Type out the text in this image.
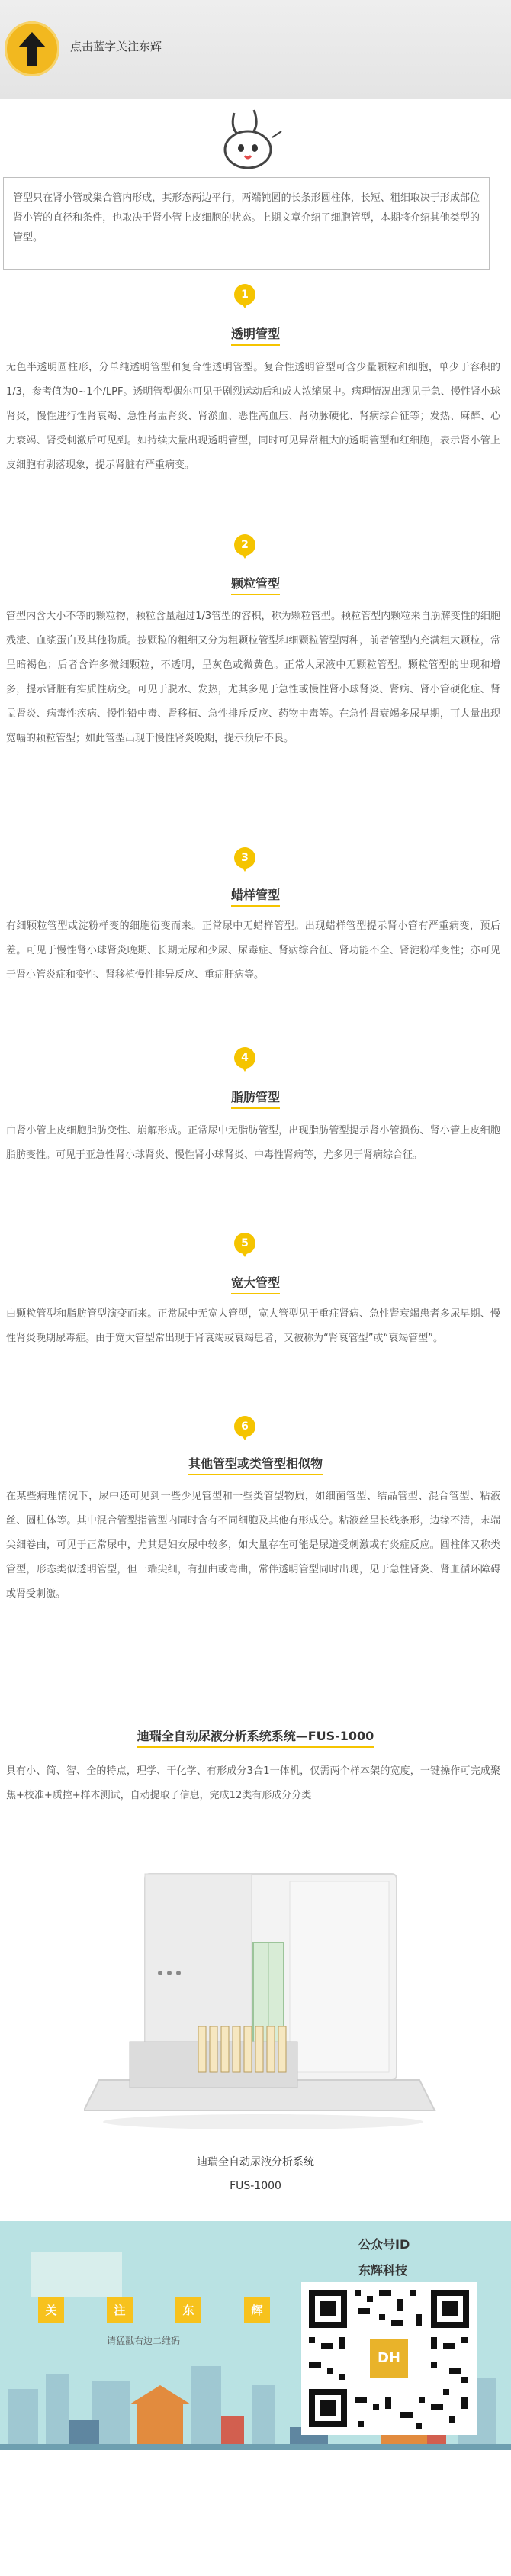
点击蓝字关注东辉

管型只在肾小管或集合管内形成，其形态两边平行，两端钝圆的长条形圆柱体，长短、粗细取决于形成部位肾小管的直径和条件，也取决于肾小管上皮细胞的状态。上期文章介绍了细胞管型，本期将介绍其他类型的管型。

1
透明管型

无色半透明圆柱形，分单纯透明管型和复合性透明管型。复合性透明管型可含少量颗粒和细胞，单少于容积的1/3，参考值为0~1个/LPF。透明管型偶尔可见于剧烈运动后和成人浓缩尿中。病理情况出现见于急、慢性肾小球肾炎，慢性进行性肾衰竭、急性肾盂肾炎、肾淤血、恶性高血压、肾动脉硬化、肾病综合征等；发热、麻醉、心力衰竭、肾受刺激后可见到。如持续大量出现透明管型，同时可见异常粗大的透明管型和红细胞，表示肾小管上皮细胞有剥落现象，提示肾脏有严重病变。

2
颗粒管型

管型内含大小不等的颗粒物，颗粒含量超过1/3管型的容积，称为颗粒管型。颗粒管型内颗粒来自崩解变性的细胞残渣、血浆蛋白及其他物质。按颗粒的粗细又分为粗颗粒管型和细颗粒管型两种，前者管型内充满粗大颗粒，常呈暗褐色；后者含许多微细颗粒，不透明，呈灰色或微黄色。正常人尿液中无颗粒管型。颗粒管型的出现和增多，提示肾脏有实质性病变。可见于脱水、发热，尤其多见于急性或慢性肾小球肾炎、肾病、肾小管硬化症、肾盂肾炎、病毒性疾病、慢性铅中毒、肾移植、急性排斥反应、药物中毒等。在急性肾衰竭多尿早期，可大量出现宽幅的颗粒管型；如此管型出现于慢性肾炎晚期，提示预后不良。

3
蜡样管型

有细颗粒管型或淀粉样变的细胞衍变而来。正常尿中无蜡样管型。出现蜡样管型提示肾小管有严重病变，预后差。可见于慢性肾小球肾炎晚期、长期无尿和少尿、尿毒症、肾病综合征、肾功能不全、肾淀粉样变性；亦可见于肾小管炎症和变性、肾移植慢性排异反应、重症肝病等。

4
脂肪管型

由肾小管上皮细胞脂肪变性、崩解形成。正常尿中无脂肪管型，出现脂肪管型提示肾小管损伤、肾小管上皮细胞脂肪变性。可见于亚急性肾小球肾炎、慢性肾小球肾炎、中毒性肾病等，尤多见于肾病综合征。

5
宽大管型

由颗粒管型和脂肪管型演变而来。正常尿中无宽大管型，宽大管型见于重症肾病、急性肾衰竭患者多尿早期、慢性肾炎晚期尿毒症。由于宽大管型常出现于肾衰竭或衰竭患者，又被称为“肾衰管型”或“衰竭管型”。

6
其他管型或类管型相似物

在某些病理情况下，尿中还可见到一些少见管型和一些类管型物质，如细菌管型、结晶管型、混合管型、粘液丝、圆柱体等。其中混合管型指管型内同时含有不同细胞及其他有形成分。粘液丝呈长线条形，边缘不清，末端尖细卷曲，可见于正常尿中，尤其是妇女尿中较多，如大量存在可能是尿道受刺激或有炎症反应。圆柱体又称类管型，形态类似透明管型，但一端尖细，有扭曲或弯曲，常伴透明管型同时出现，见于急性肾炎、肾血循环障碍或肾受刺激。

迪瑞全自动尿液分析系统系统—FUS-1000

具有小、简、智、全的特点，理学、干化学、有形成分3合1一体机，仅需两个样本架的宽度，一键操作可完成聚焦+校准+质控+样本测试，自动提取子信息，完成12类有形成分分类

迪瑞全自动尿液分析系统
FUS-1000
公众号ID
东辉科技
关	注	东	辉
请猛戳右边二维码
DH
